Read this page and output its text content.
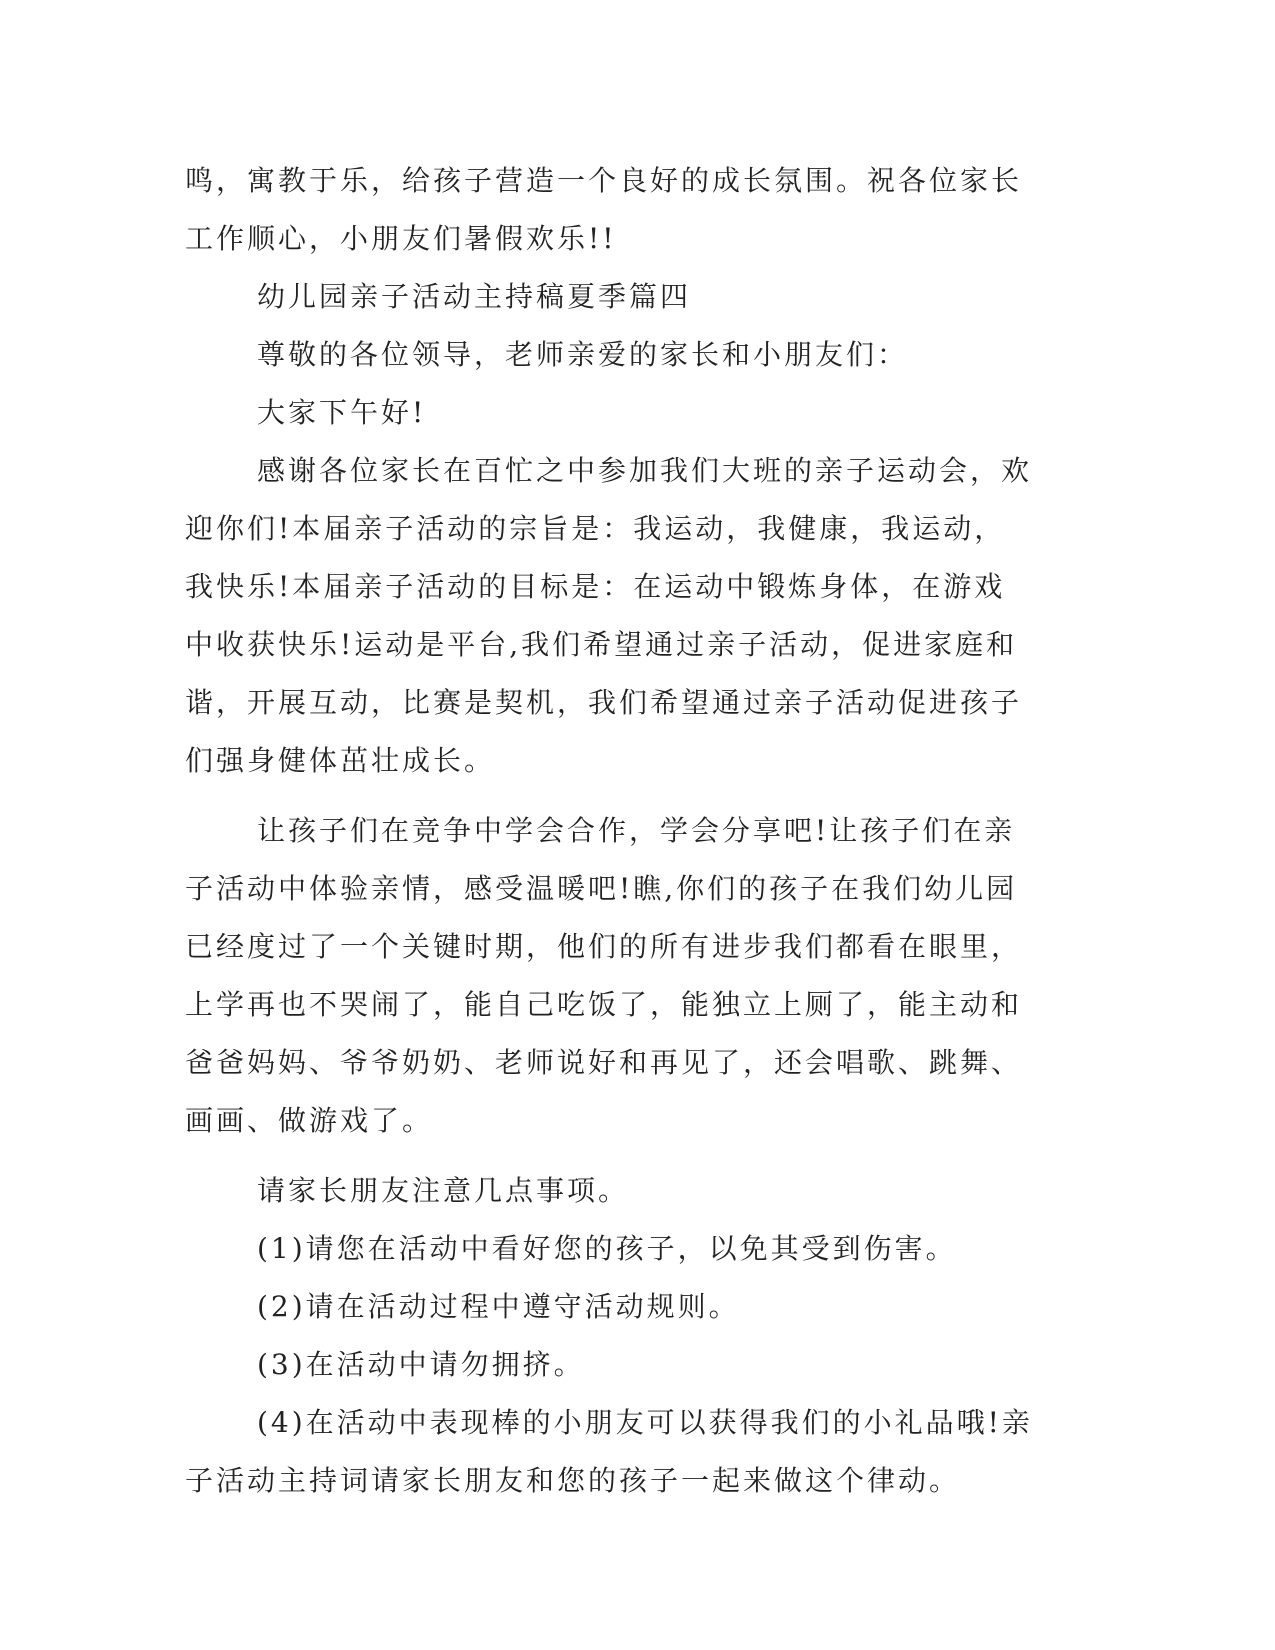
鸣，寓教于乐，给孩子营造一个良好的成长氛围。祝各位家长工作顺心，小朋友们暑假欢乐!!

幼儿园亲子活动主持稿夏季篇四

尊敬的各位领导，老师亲爱的家长和小朋友们：

大家下午好!

感谢各位家长在百忙之中参加我们大班的亲子运动会，欢迎你们!本届亲子活动的宗旨是：我运动，我健康，我运动，我快乐!本届亲子活动的目标是：在运动中锻炼身体，在游戏中收获快乐!运动是平台,我们希望通过亲子活动，促进家庭和谐，开展互动，比赛是契机，我们希望通过亲子活动促进孩子们强身健体茁壮成长。

让孩子们在竞争中学会合作，学会分享吧!让孩子们在亲子活动中体验亲情，感受温暖吧!瞧,你们的孩子在我们幼儿园已经度过了一个关键时期，他们的所有进步我们都看在眼里，上学再也不哭闹了，能自己吃饭了，能独立上厕了，能主动和爸爸妈妈、爷爷奶奶、老师说好和再见了，还会唱歌、跳舞、画画、做游戏了。

请家长朋友注意几点事项。

(1)请您在活动中看好您的孩子，以免其受到伤害。

(2)请在活动过程中遵守活动规则。

(3)在活动中请勿拥挤。

(4)在活动中表现棒的小朋友可以获得我们的小礼品哦!亲子活动主持词请家长朋友和您的孩子一起来做这个律动。
